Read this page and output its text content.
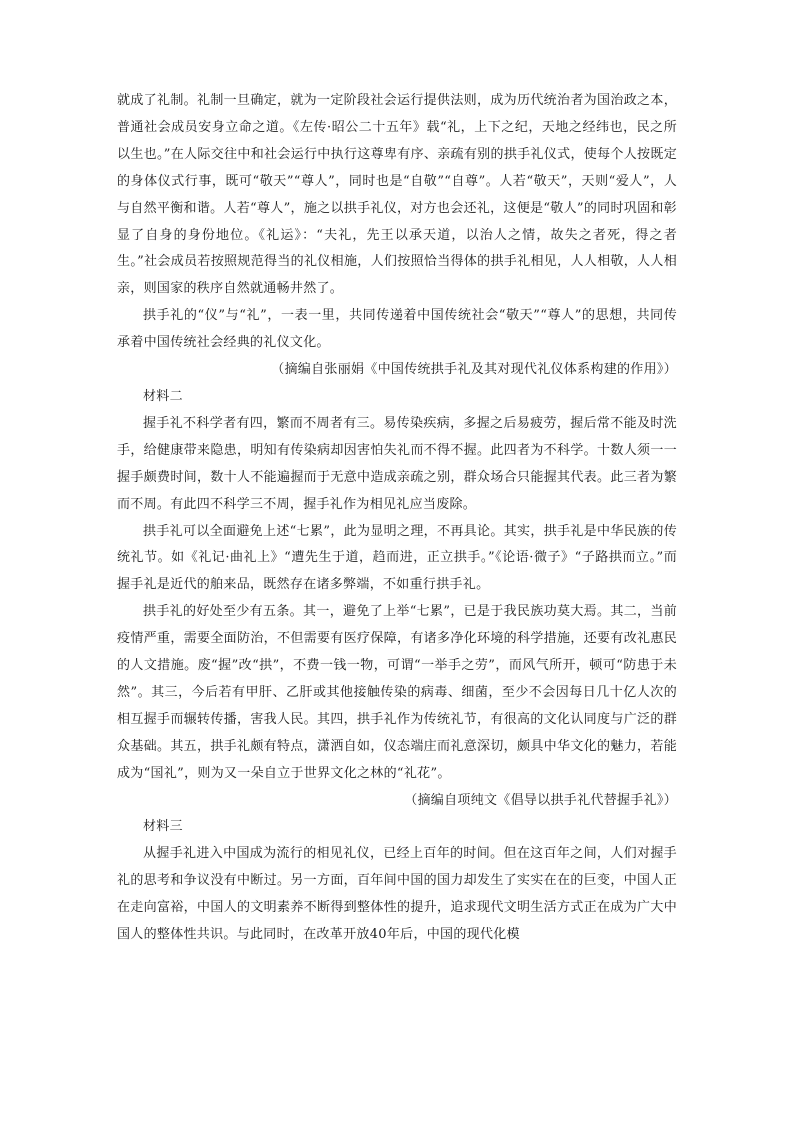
就成了礼制。礼制一旦确定，就为一定阶段社会运行提供法则，成为历代统治者为国治政之本，普通社会成员安身立命之道。《左传·昭公二十五年》载“礼，上下之纪，天地之经纬也，民之所以生也。”在人际交往中和社会运行中执行这尊卑有序、亲疏有别的拱手礼仪式，使每个人按既定的身体仪式行事，既可“敬天”“尊人”，同时也是“自敬”“自尊”。人若“敬天”，天则“爱人”，人与自然平衡和谐。人若“尊人”，施之以拱手礼仪，对方也会还礼，这便是“敬人”的同时巩固和彰显了自身的身份地位。《礼运》：“夫礼，先王以承天道，以治人之情，故失之者死，得之者生。”社会成员若按照规范得当的礼仪相施，人们按照恰当得体的拱手礼相见，人人相敬，人人相亲，则国家的秩序自然就通畅井然了。

拱手礼的“仪”与“礼”，一表一里，共同传递着中国传统社会“敬天”“尊人”的思想，共同传承着中国传统社会经典的礼仪文化。

（摘编自张丽娟《中国传统拱手礼及其对现代礼仪体系构建的作用》）

材料二

握手礼不科学者有四，繁而不周者有三。易传染疾病，多握之后易疲劳，握后常不能及时洗手，给健康带来隐患，明知有传染病却因害怕失礼而不得不握。此四者为不科学。十数人须一一握手颇费时间，数十人不能遍握而于无意中造成亲疏之别，群众场合只能握其代表。此三者为繁而不周。有此四不科学三不周，握手礼作为相见礼应当废除。

拱手礼可以全面避免上述“七累”，此为显明之理，不再具论。其实，拱手礼是中华民族的传统礼节。如《礼记·曲礼上》“遭先生于道，趋而进，正立拱手。”《论语·微子》“子路拱而立。”而握手礼是近代的舶来品，既然存在诸多弊端，不如重行拱手礼。

拱手礼的好处至少有五条。其一，避免了上举“七累”，已是于我民族功莫大焉。其二，当前疫情严重，需要全面防治，不但需要有医疗保障，有诸多净化环境的科学措施，还要有改礼惠民的人文措施。废“握”改“拱”，不费一钱一物，可谓“一举手之劳”，而风气所开，顿可“防患于未然”。其三，今后若有甲肝、乙肝或其他接触传染的病毒、细菌，至少不会因每日几十亿人次的相互握手而辗转传播，害我人民。其四，拱手礼作为传统礼节，有很高的文化认同度与广泛的群众基础。其五，拱手礼颇有特点，潇洒自如，仪态端庄而礼意深切，颇具中华文化的魅力，若能成为“国礼”，则为又一朵自立于世界文化之林的“礼花”。

（摘编自项纯文《倡导以拱手礼代替握手礼》）

材料三

从握手礼进入中国成为流行的相见礼仪，已经上百年的时间。但在这百年之间，人们对握手礼的思考和争议没有中断过。另一方面，百年间中国的国力却发生了实实在在的巨变，中国人正在走向富裕，中国人的文明素养不断得到整体性的提升，追求现代文明生活方式正在成为广大中国人的整体性共识。与此同时，在改革开放40年后，中国的现代化模
